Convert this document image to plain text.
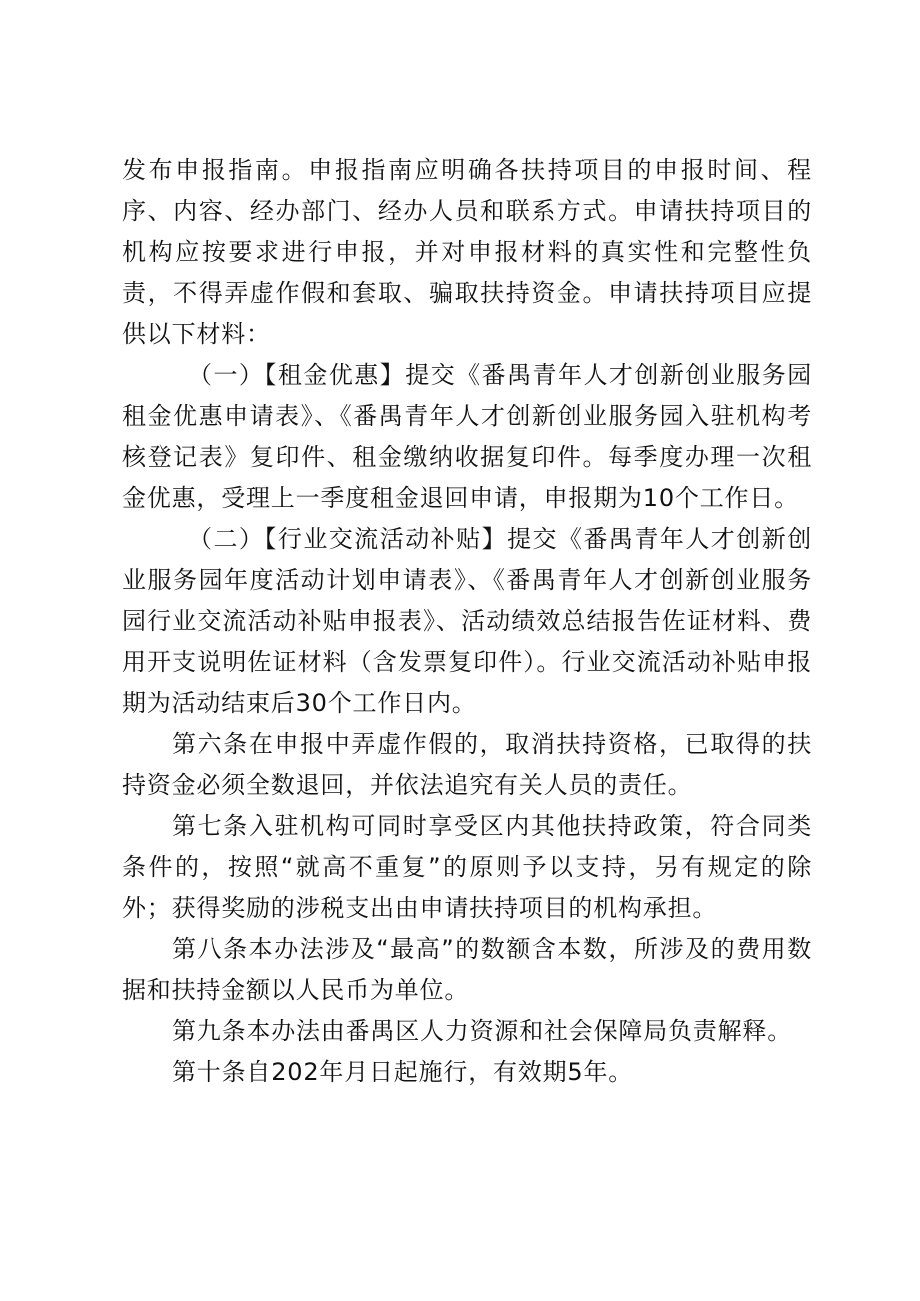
发布申报指南。申报指南应明确各扶持项目的申报时间、程序、内容、经办部门、经办人员和联系方式。申请扶持项目的机构应按要求进行申报，并对申报材料的真实性和完整性负责，不得弄虚作假和套取、骗取扶持资金。申请扶持项目应提供以下材料：

（一）【租金优惠】提交《番禺青年人才创新创业服务园租金优惠申请表》、《番禺青年人才创新创业服务园入驻机构考核登记表》复印件、租金缴纳收据复印件。每季度办理一次租金优惠，受理上一季度租金退回申请，申报期为10个工作日。

（二）【行业交流活动补贴】提交《番禺青年人才创新创业服务园年度活动计划申请表》、《番禺青年人才创新创业服务园行业交流活动补贴申报表》、活动绩效总结报告佐证材料、费用开支说明佐证材料（含发票复印件）。行业交流活动补贴申报期为活动结束后30个工作日内。

第六条在申报中弄虚作假的，取消扶持资格，已取得的扶持资金必须全数退回，并依法追究有关人员的责任。

第七条入驻机构可同时享受区内其他扶持政策，符合同类条件的，按照“就高不重复”的原则予以支持，另有规定的除外；获得奖励的涉税支出由申请扶持项目的机构承担。

第八条本办法涉及“最高”的数额含本数，所涉及的费用数据和扶持金额以人民币为单位。

第九条本办法由番禺区人力资源和社会保障局负责解释。

第十条自202年月日起施行，有效期5年。
